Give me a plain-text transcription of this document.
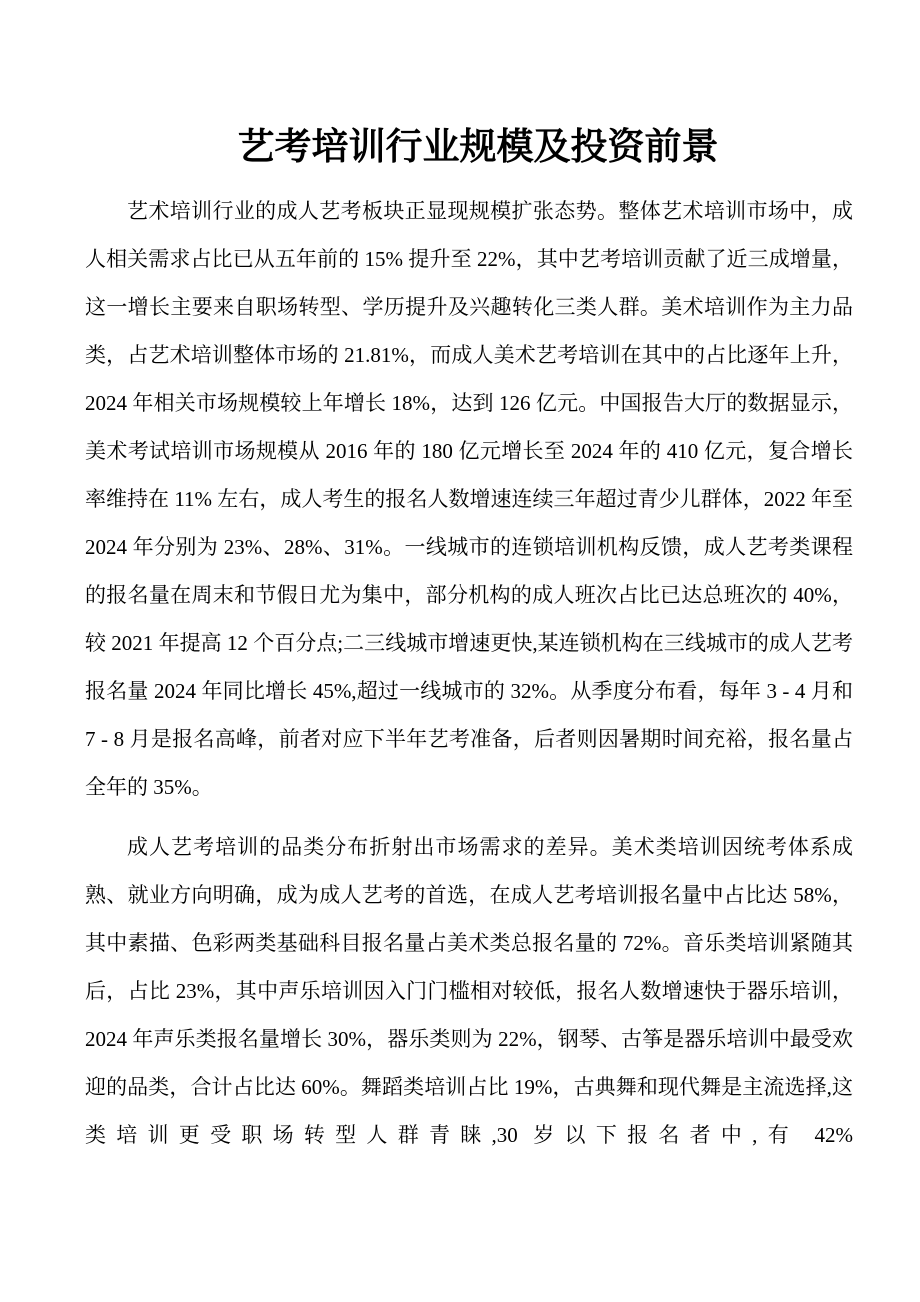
艺考培训行业规模及投资前景

艺术培训行业的成人艺考板块正显现规模扩张态势。整体艺术培训市场中，成人相关需求占比已从五年前的 15% 提升至 22%，其中艺考培训贡献了近三成增量，这一增长主要来自职场转型、学历提升及兴趣转化三类人群。美术培训作为主力品类，占艺术培训整体市场的 21.81%，而成人美术艺考培训在其中的占比逐年上升，2024 年相关市场规模较上年增长 18%，达到 126 亿元。中国报告大厅的数据显示，美术考试培训市场规模从 2016 年的 180 亿元增长至 2024 年的 410 亿元，复合增长率维持在 11% 左右，成人考生的报名人数增速连续三年超过青少儿群体，2022 年至 2024 年分别为 23%、28%、31%。一线城市的连锁培训机构反馈，成人艺考类课程的报名量在周末和节假日尤为集中，部分机构的成人班次占比已达总班次的 40%，较 2021 年提高 12 个百分点;二三线城市增速更快,某连锁机构在三线城市的成人艺考报名量 2024 年同比增长 45%,超过一线城市的 32%。从季度分布看，每年 3 - 4 月和 7 - 8 月是报名高峰，前者对应下半年艺考准备，后者则因暑期时间充裕，报名量占全年的 35%。

成人艺考培训的品类分布折射出市场需求的差异。美术类培训因统考体系成熟、就业方向明确，成为成人艺考的首选，在成人艺考培训报名量中占比达 58%，其中素描、色彩两类基础科目报名量占美术类总报名量的 72%。音乐类培训紧随其后，占比 23%，其中声乐培训因入门门槛相对较低，报名人数增速快于器乐培训，2024 年声乐类报名量增长 30%，器乐类则为 22%，钢琴、古筝是器乐培训中最受欢迎的品类，合计占比达 60%。舞蹈类培训占比 19%，古典舞和现代舞是主流选择,这类培训更受职场转型人群青睐,30 岁以下报名者中,有 42%
